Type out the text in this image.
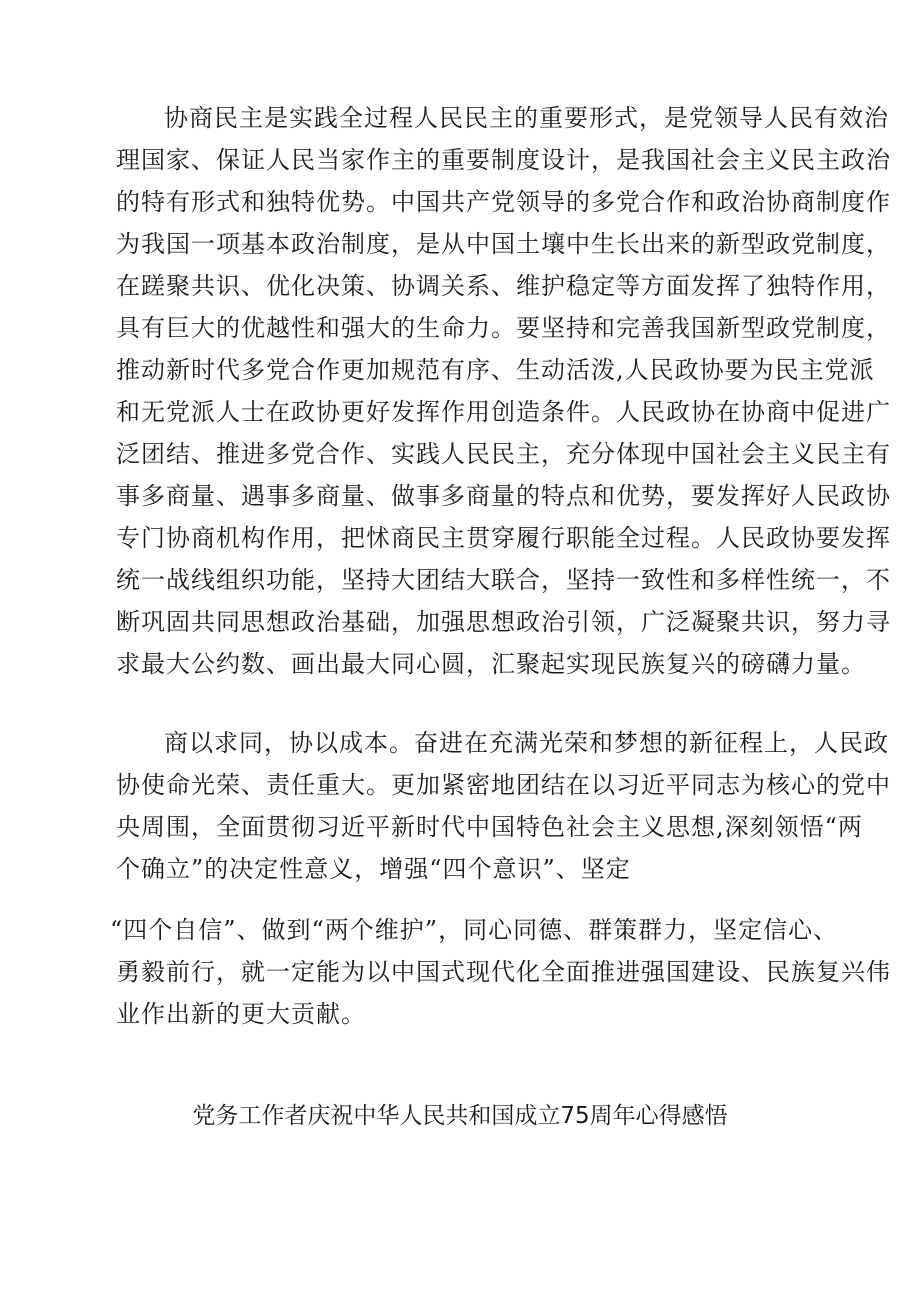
协商民主是实践全过程人民民主的重要形式，是党领导人民有效治
理国家、保证人民当家作主的重要制度设计，是我国社会主义民主政治
的特有形式和独特优势。中国共产党领导的多党合作和政治协商制度作
为我国一项基本政治制度，是从中国土壤中生长出来的新型政党制度，
在蹉聚共识、优化决策、协调关系、维护稳定等方面发挥了独特作用，
具有巨大的优越性和强大的生命力。要坚持和完善我国新型政党制度，
推动新时代多党合作更加规范有序、生动活泼,人民政协要为民主党派
和无党派人士在政协更好发挥作用创造条件。人民政协在协商中促进广
泛团结、推进多党合作、实践人民民主，充分体现中国社会主义民主有
事多商量、遇事多商量、做事多商量的特点和优势，要发挥好人民政协
专门协商机构作用，把怵商民主贯穿履行职能全过程。人民政协要发挥
统一战线组织功能，坚持大团结大联合，坚持一致性和多样性统一，不
断巩固共同思想政治基础，加强思想政治引领，广泛凝聚共识，努力寻
求最大公约数、画出最大同心圆，汇聚起实现民族复兴的磅礴力量。
商以求同，协以成本。奋进在充满光荣和梦想的新征程上，人民政
协使命光荣、责任重大。更加紧密地团结在以习近平同志为核心的党中
央周围，全面贯彻习近平新时代中国特色社会主义思想,深刻领悟“两
个确立”的决定性意义，增强“四个意识”、坚定
“四个自信”、做到“两个维护”，同心同德、群策群力，坚定信心、
勇毅前行，就一定能为以中国式现代化全面推进强国建设、民族复兴伟
业作出新的更大贡献。
党务工作者庆祝中华人民共和国成立75周年心得感悟
